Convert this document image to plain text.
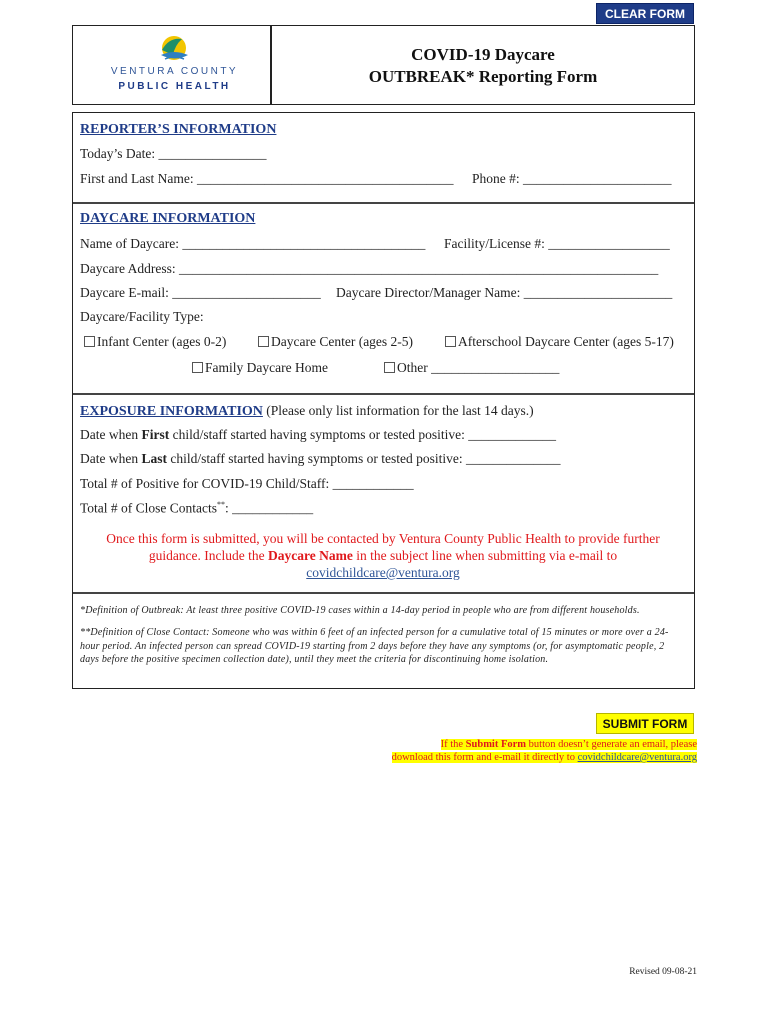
CLEAR FORM
VENTURA COUNTY
PUBLIC HEALTH
COVID-19 Daycare
OUTBREAK* Reporting Form
REPORTER’S INFORMATION
Today’s Date: ________________
First and Last Name: ______________________________________ Phone #: ______________________
DAYCARE INFORMATION
Name of Daycare: ____________________________________ Facility/License #: __________________
Daycare Address: _______________________________________________________________________
Daycare E-mail: ______________________ Daycare Director/Manager Name: ______________________
Daycare/Facility Type:
Infant Center (ages 0-2)	Daycare Center (ages 2-5)	Afterschool Daycare Center (ages 5-17)
Family Daycare Home	Other ___________________
EXPOSURE INFORMATION (Please only list information for the last 14 days.)
Date when First child/staff started having symptoms or tested positive: _____________
Date when Last child/staff started having symptoms or tested positive: ______________
Total # of Positive for COVID-19 Child/Staff: ____________
Total # of Close Contacts**: ____________
Once this form is submitted, you will be contacted by Ventura County Public Health to provide further guidance. Include the Daycare Name in the subject line when submitting via e-mail to
covidchildcare@ventura.org
*Definition of Outbreak: At least three positive COVID-19 cases within a 14-day period in people who are from different households.
**Definition of Close Contact: Someone who was within 6 feet of an infected person for a cumulative total of 15 minutes or more over a 24-hour period. An infected person can spread COVID-19 starting from 2 days before they have any symptoms (or, for asymptomatic people, 2 days before the positive specimen collection date), until they meet the criteria for discontinuing home isolation.
SUBMIT FORM
If the Submit Form button doesn’t generate an email, please
download this form and e-mail it directly to covidchildcare@ventura.org
Revised 09-08-21
